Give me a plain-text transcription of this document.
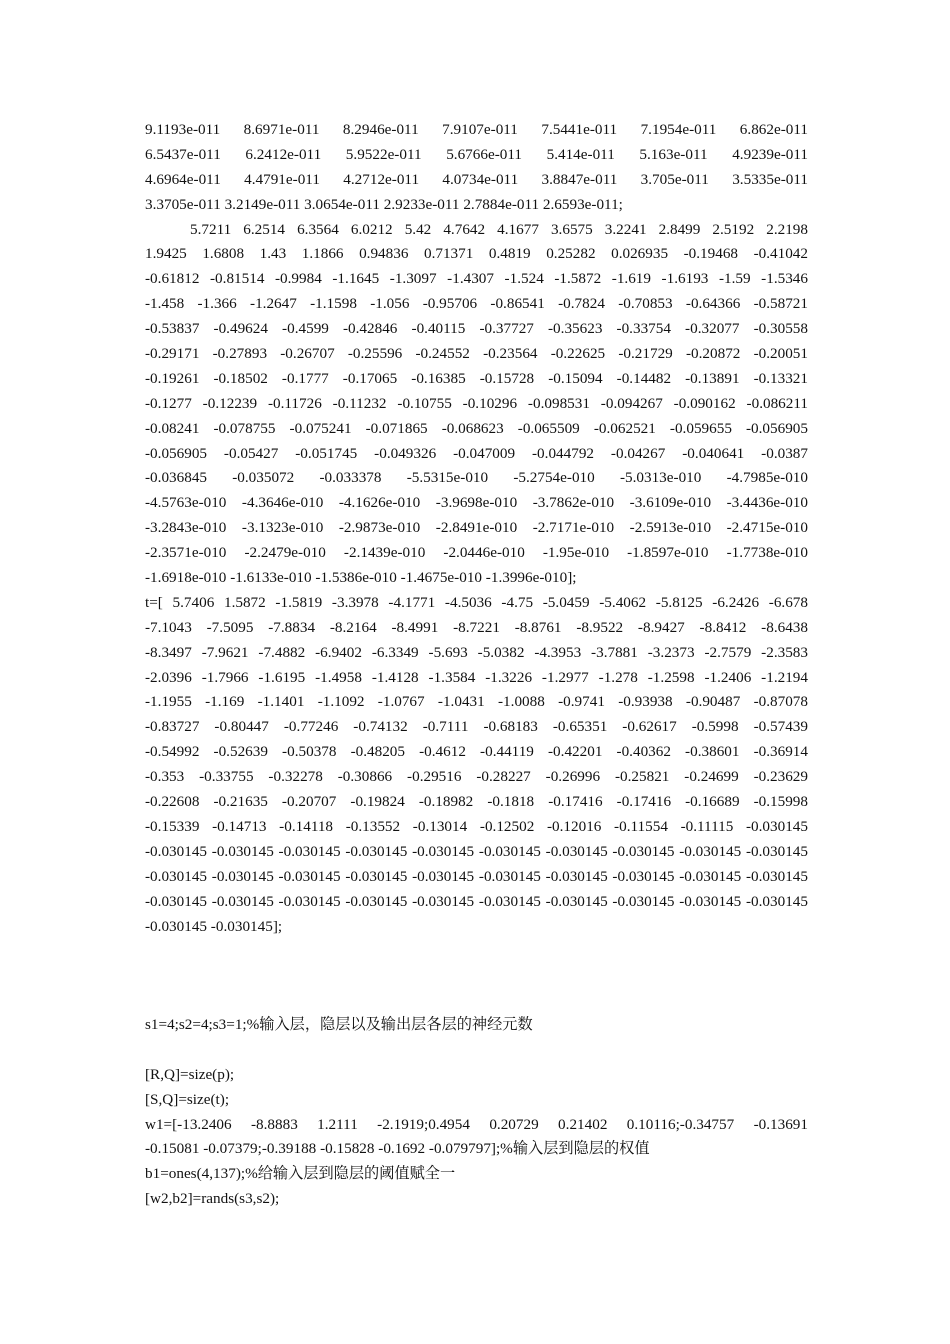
9.1193e-011 8.6971e-011 8.2946e-011 7.9107e-011 7.5441e-011 7.1954e-011 6.862e-011
6.5437e-011 6.2412e-011 5.9522e-011 5.6766e-011 5.414e-011 5.163e-011 4.9239e-011
4.6964e-011 4.4791e-011 4.2712e-011 4.0734e-011 3.8847e-011 3.705e-011 3.5335e-011
3.3705e-011 3.2149e-011 3.0654e-011 2.9233e-011 2.7884e-011 2.6593e-011;
5.7211 6.2514 6.3564 6.0212 5.42 4.7642 4.1677 3.6575 3.2241 2.8499 2.5192 2.2198
1.9425 1.6808 1.43 1.1866 0.94836 0.71371 0.4819 0.25282 0.026935 -0.19468 -0.41042
-0.61812 -0.81514 -0.9984 -1.1645 -1.3097 -1.4307 -1.524 -1.5872 -1.619 -1.6193 -1.59 -1.5346
-1.458 -1.366 -1.2647 -1.1598 -1.056 -0.95706 -0.86541 -0.7824 -0.70853 -0.64366 -0.58721
-0.53837 -0.49624 -0.4599 -0.42846 -0.40115 -0.37727 -0.35623 -0.33754 -0.32077 -0.30558
-0.29171 -0.27893 -0.26707 -0.25596 -0.24552 -0.23564 -0.22625 -0.21729 -0.20872 -0.20051
-0.19261 -0.18502 -0.1777 -0.17065 -0.16385 -0.15728 -0.15094 -0.14482 -0.13891 -0.13321
-0.1277 -0.12239 -0.11726 -0.11232 -0.10755 -0.10296 -0.098531 -0.094267 -0.090162 -0.086211
-0.08241 -0.078755 -0.075241 -0.071865 -0.068623 -0.065509 -0.062521 -0.059655 -0.056905
-0.056905 -0.05427 -0.051745 -0.049326 -0.047009 -0.044792 -0.04267 -0.040641 -0.0387
-0.036845 -0.035072 -0.033378 -5.5315e-010 -5.2754e-010 -5.0313e-010 -4.7985e-010
-4.5763e-010 -4.3646e-010 -4.1626e-010 -3.9698e-010 -3.7862e-010 -3.6109e-010 -3.4436e-010
-3.2843e-010 -3.1323e-010 -2.9873e-010 -2.8491e-010 -2.7171e-010 -2.5913e-010 -2.4715e-010
-2.3571e-010 -2.2479e-010 -2.1439e-010 -2.0446e-010 -1.95e-010 -1.8597e-010 -1.7738e-010
-1.6918e-010 -1.6133e-010 -1.5386e-010 -1.4675e-010 -1.3996e-010];
t=[ 5.7406 1.5872 -1.5819 -3.3978 -4.1771 -4.5036 -4.75 -5.0459 -5.4062 -5.8125 -6.2426 -6.678
-7.1043 -7.5095 -7.8834 -8.2164 -8.4991 -8.7221 -8.8761 -8.9522 -8.9427 -8.8412 -8.6438
-8.3497 -7.9621 -7.4882 -6.9402 -6.3349 -5.693 -5.0382 -4.3953 -3.7881 -3.2373 -2.7579 -2.3583
-2.0396 -1.7966 -1.6195 -1.4958 -1.4128 -1.3584 -1.3226 -1.2977 -1.278 -1.2598 -1.2406 -1.2194
-1.1955 -1.169 -1.1401 -1.1092 -1.0767 -1.0431 -1.0088 -0.9741 -0.93938 -0.90487 -0.87078
-0.83727 -0.80447 -0.77246 -0.74132 -0.7111 -0.68183 -0.65351 -0.62617 -0.5998 -0.57439
-0.54992 -0.52639 -0.50378 -0.48205 -0.4612 -0.44119 -0.42201 -0.40362 -0.38601 -0.36914
-0.353 -0.33755 -0.32278 -0.30866 -0.29516 -0.28227 -0.26996 -0.25821 -0.24699 -0.23629
-0.22608 -0.21635 -0.20707 -0.19824 -0.18982 -0.1818 -0.17416 -0.17416 -0.16689 -0.15998
-0.15339 -0.14713 -0.14118 -0.13552 -0.13014 -0.12502 -0.12016 -0.11554 -0.11115 -0.030145
-0.030145 -0.030145 -0.030145 -0.030145 -0.030145 -0.030145 -0.030145 -0.030145 -0.030145 -0.030145
-0.030145 -0.030145 -0.030145 -0.030145 -0.030145 -0.030145 -0.030145 -0.030145 -0.030145 -0.030145
-0.030145 -0.030145 -0.030145 -0.030145 -0.030145 -0.030145 -0.030145 -0.030145 -0.030145 -0.030145
-0.030145 -0.030145];
s1=4;s2=4;s3=1;%输入层，隐层以及输出层各层的神经元数
[R,Q]=size(p);
[S,Q]=size(t);
w1=[-13.2406 -8.8883 1.2111 -2.1919;0.4954 0.20729 0.21402 0.10116;-0.34757 -0.13691
-0.15081 -0.07379;-0.39188 -0.15828 -0.1692 -0.079797];%输入层到隐层的权值
b1=ones(4,137);%给输入层到隐层的阈值赋全一
[w2,b2]=rands(s3,s2);
